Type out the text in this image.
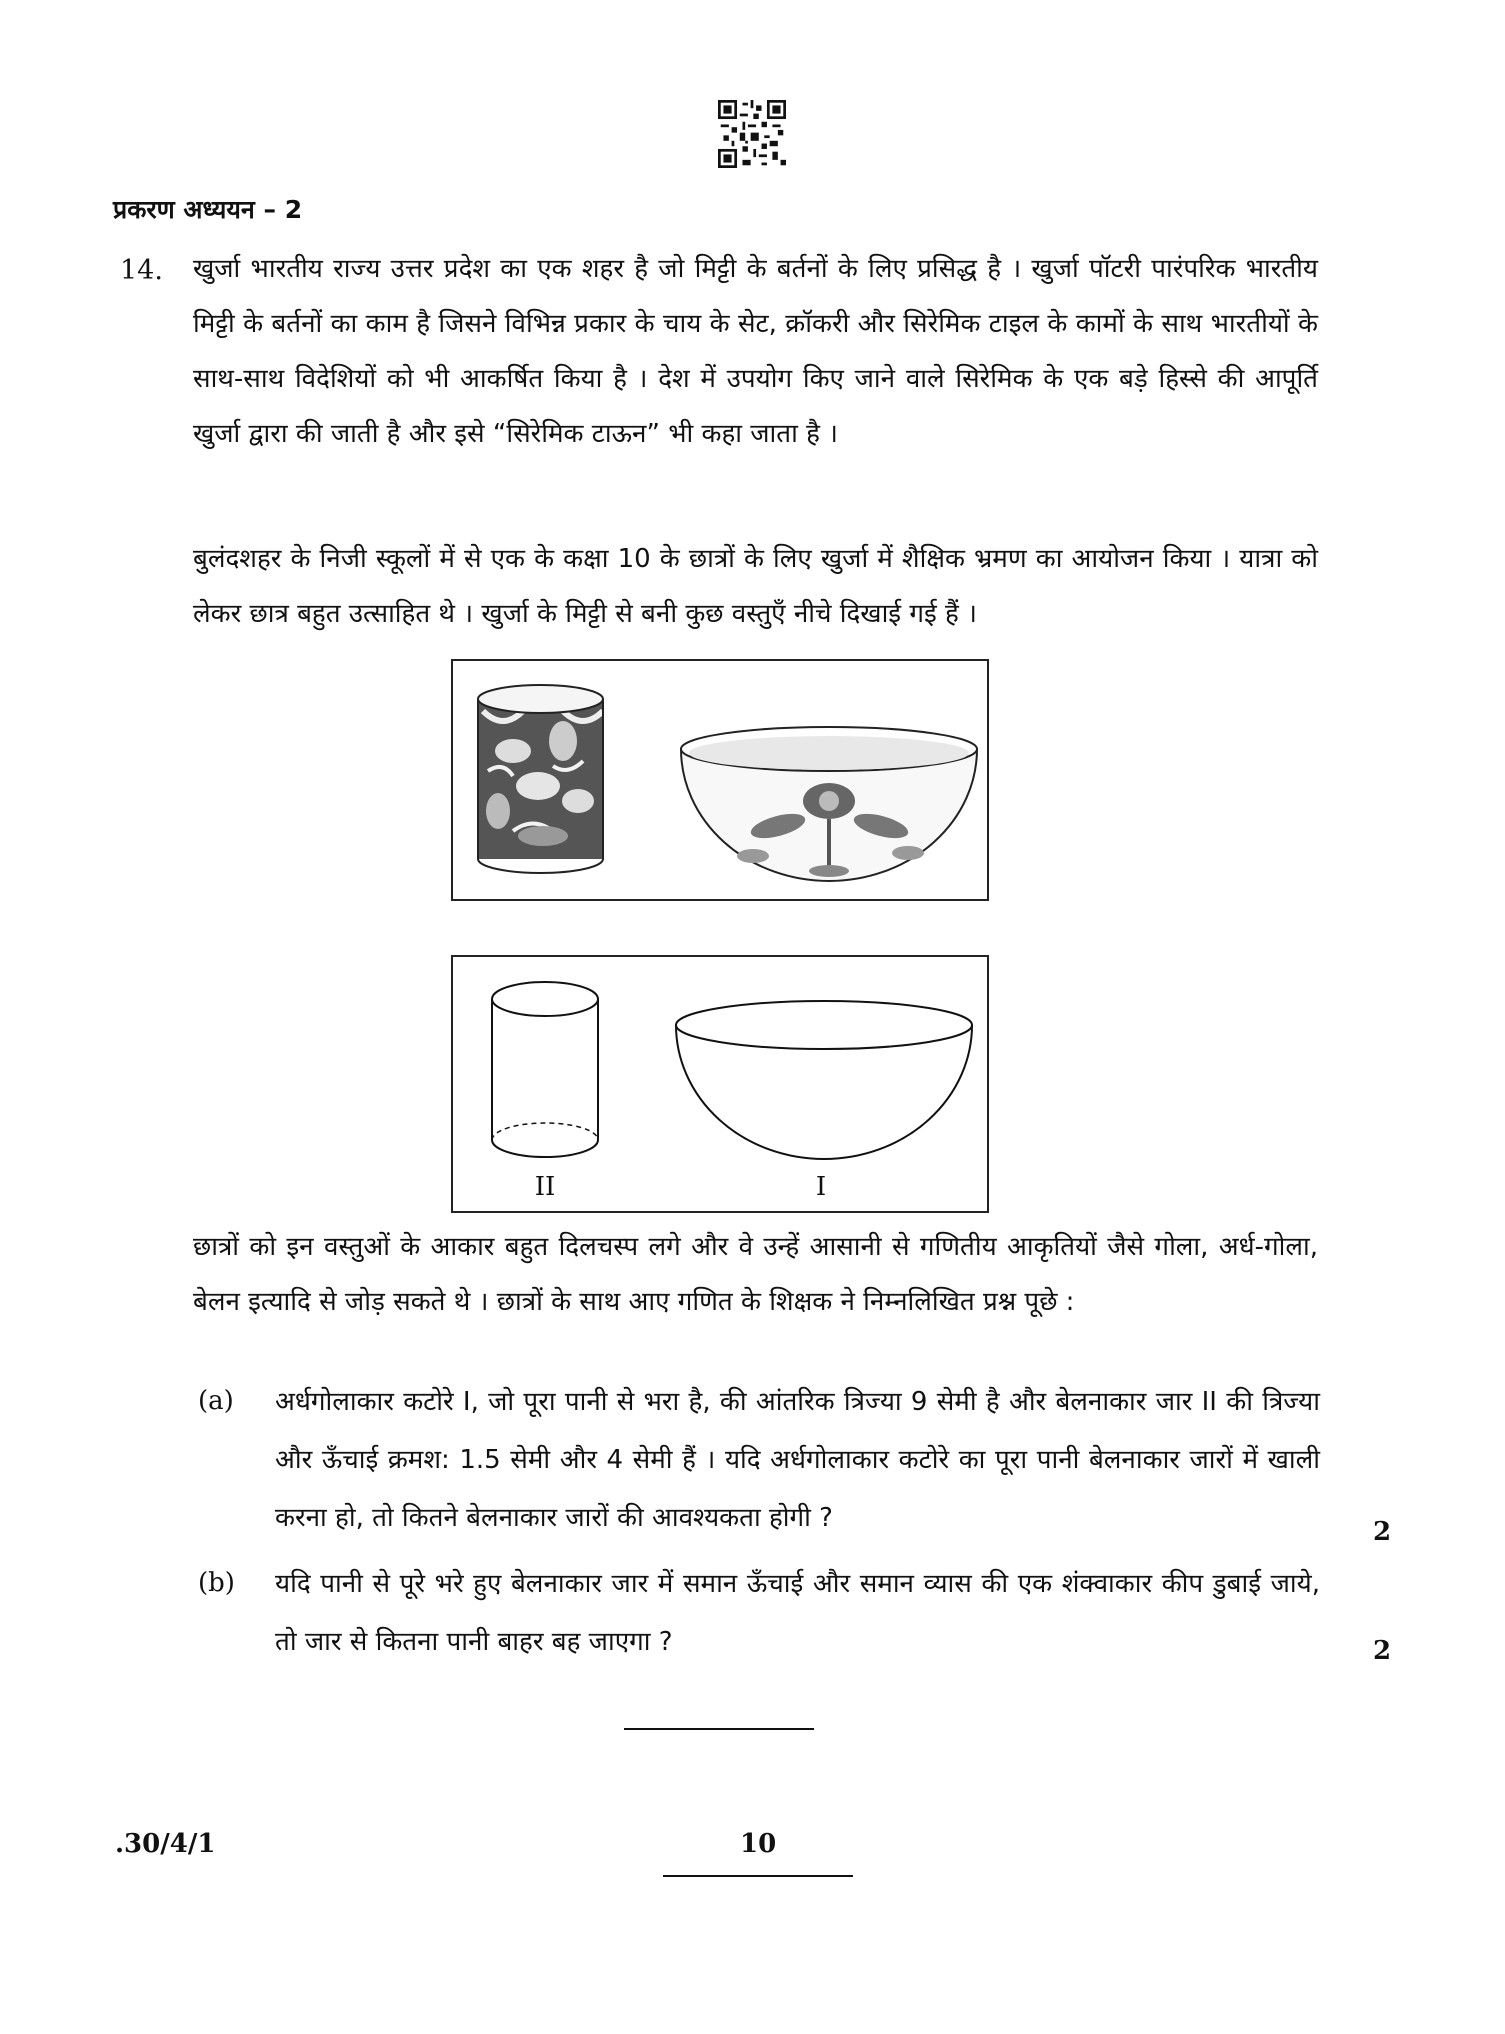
प्रकरण अध्ययन – 2
14. खुर्जा भारतीय राज्य उत्तर प्रदेश का एक शहर है जो मिट्टी के बर्तनों के लिए प्रसिद्ध है । खुर्जा पॉटरी पारंपरिक भारतीय मिट्टी के बर्तनों का काम है जिसने विभिन्न प्रकार के चाय के सेट, क्रॉकरी और सिरेमिक टाइल के कामों के साथ भारतीयों के साथ-साथ विदेशियों को भी आकर्षित किया है । देश में उपयोग किए जाने वाले सिरेमिक के एक बड़े हिस्से की आपूर्ति खुर्जा द्वारा की जाती है और इसे “सिरेमिक टाऊन” भी कहा जाता है ।

बुलंदशहर के निजी स्कूलों में से एक के कक्षा 10 के छात्रों के लिए खुर्जा में शैक्षिक भ्रमण का आयोजन किया । यात्रा को लेकर छात्र बहुत उत्साहित थे । खुर्जा के मिट्टी से बनी कुछ वस्तुएँ नीचे दिखाई गई हैं ।

II	I

छात्रों को इन वस्तुओं के आकार बहुत दिलचस्प लगे और वे उन्हें आसानी से गणितीय आकृतियों जैसे गोला, अर्ध-गोला, बेलन इत्यादि से जोड़ सकते थे । छात्रों के साथ आए गणित के शिक्षक ने निम्नलिखित प्रश्न पूछे :

(a) अर्धगोलाकार कटोरे I, जो पूरा पानी से भरा है, की आंतरिक त्रिज्या 9 सेमी है और बेलनाकार जार II की त्रिज्या और ऊँचाई क्रमश: 1.5 सेमी और 4 सेमी हैं । यदि अर्धगोलाकार कटोरे का पूरा पानी बेलनाकार जारों में खाली करना हो, तो कितने बेलनाकार जारों की आवश्यकता होगी ?	2
(b) यदि पानी से पूरे भरे हुए बेलनाकार जार में समान ऊँचाई और समान व्यास की एक शंक्वाकार कीप डुबाई जाये, तो जार से कितना पानी बाहर बह जाएगा ?	2
.30/4/1	10
